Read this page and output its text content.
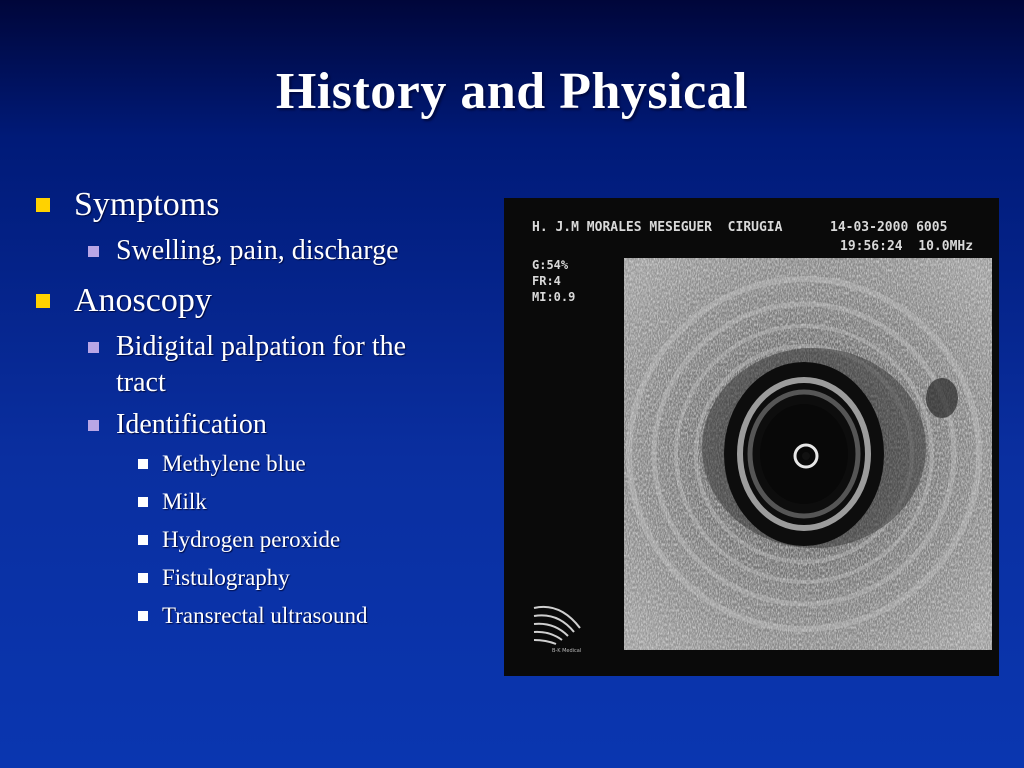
History and Physical
Symptoms
Swelling, pain, discharge
Anoscopy
Bidigital palpation for the
tract
Identification
Methylene blue
Milk
Hydrogen peroxide
Fistulography
Transrectal ultrasound
H. J.M MORALES MESEGUER  CIRUGIA	14-03-2000 6005
19:56:24  10.0MHz
G:54%
FR:4
MI:0.9
8
B-K Medical
